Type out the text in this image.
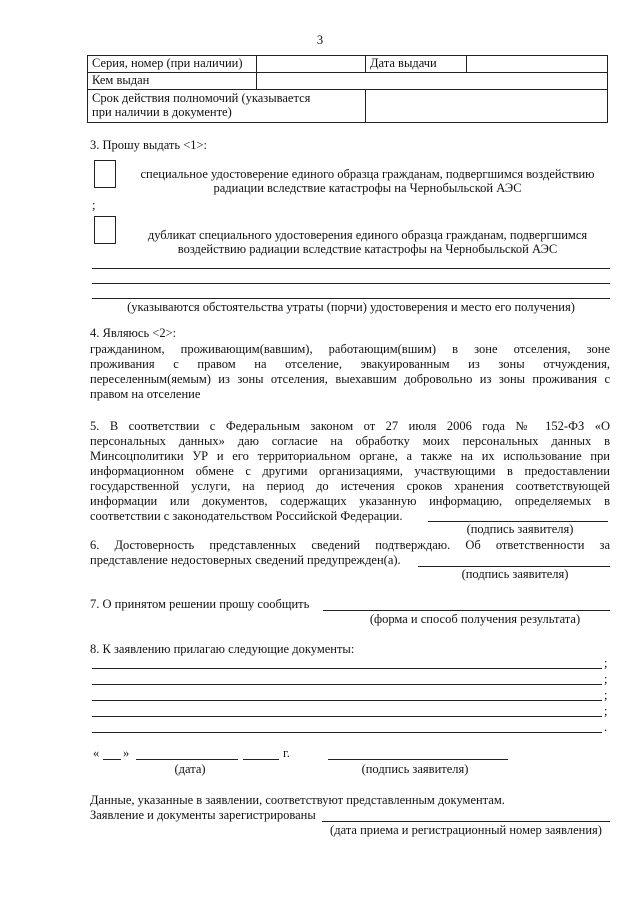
3
Серия, номер (при наличии)		Дата выдачи	
Кем выдан			

Срок действия полномочий (указывается
при наличии в документе)			

3. Прошу выдать <1>:
специальное удостоверение единого образца гражданам, подвергшимся воздействию
радиации вследствие катастрофы на Чернобыльской АЭС
;
дубликат специального удостоверения единого образца гражданам, подвергшимся
воздействию радиации вследствие катастрофы на Чернобыльской АЭС
(указываются обстоятельства утраты (порчи) удостоверения и место его получения)
4. Являюсь <2>:
гражданином, проживающим(вавшим), работающим(вшим) в зоне отселения, зоне
проживания с правом на отселение, эвакуированным из зоны отчуждения,
переселенным(яемым) из зоны отселения, выехавшим добровольно из зоны проживания с
правом на отселение
5. В соответствии с Федеральным законом от 27 июля 2006 года № 152-ФЗ «О
персональных данных» даю согласие на обработку моих персональных данных в
Минсоцполитики УР и его территориальном органе, а также на их использование при
информационном обмене с другими организациями, участвующими в предоставлении
государственной услуги, на период до истечения сроков хранения соответствующей
информации или документов, содержащих указанную информацию, определяемых в
соответствии с законодательством Российской Федерации.
(подпись заявителя)
6. Достоверность представленных сведений подтверждаю. Об ответственности за
представление недостоверных сведений предупрежден(а).
(подпись заявителя)
7. О принятом решении прошу сообщить
(форма и способ получения результата)
8. К заявлению прилагаю следующие документы:
;
;
;
;
.
« »	г.
(дата)	(подпись заявителя)
Данные, указанные в заявлении, соответствуют представленным документам.
Заявление и документы зарегистрированы
(дата приема и регистрационный номер заявления)
